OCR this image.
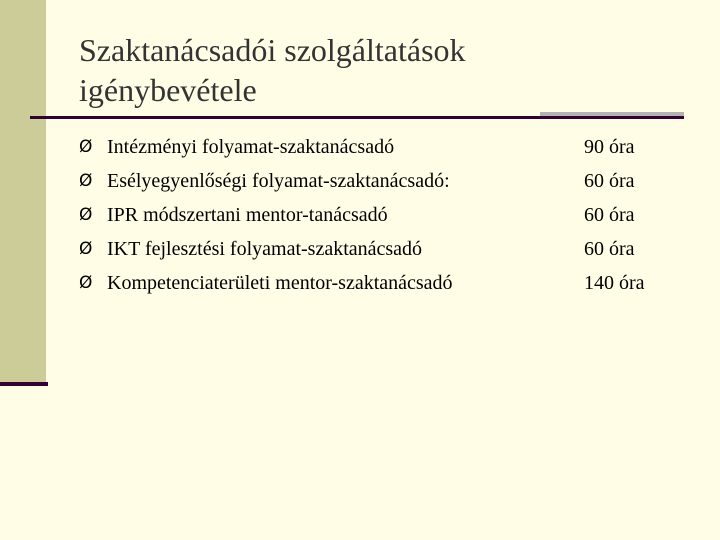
Szaktanácsadói szolgáltatások
igénybevétele
Ø Intézményi folyamat-szaktanácsadó	90 óra
Ø Esélyegyenlőségi folyamat-szaktanácsadó:	60 óra
Ø IPR módszertani mentor-tanácsadó	60 óra
Ø IKT fejlesztési folyamat-szaktanácsadó	60 óra
Ø Kompetenciaterületi mentor-szaktanácsadó	140 óra
